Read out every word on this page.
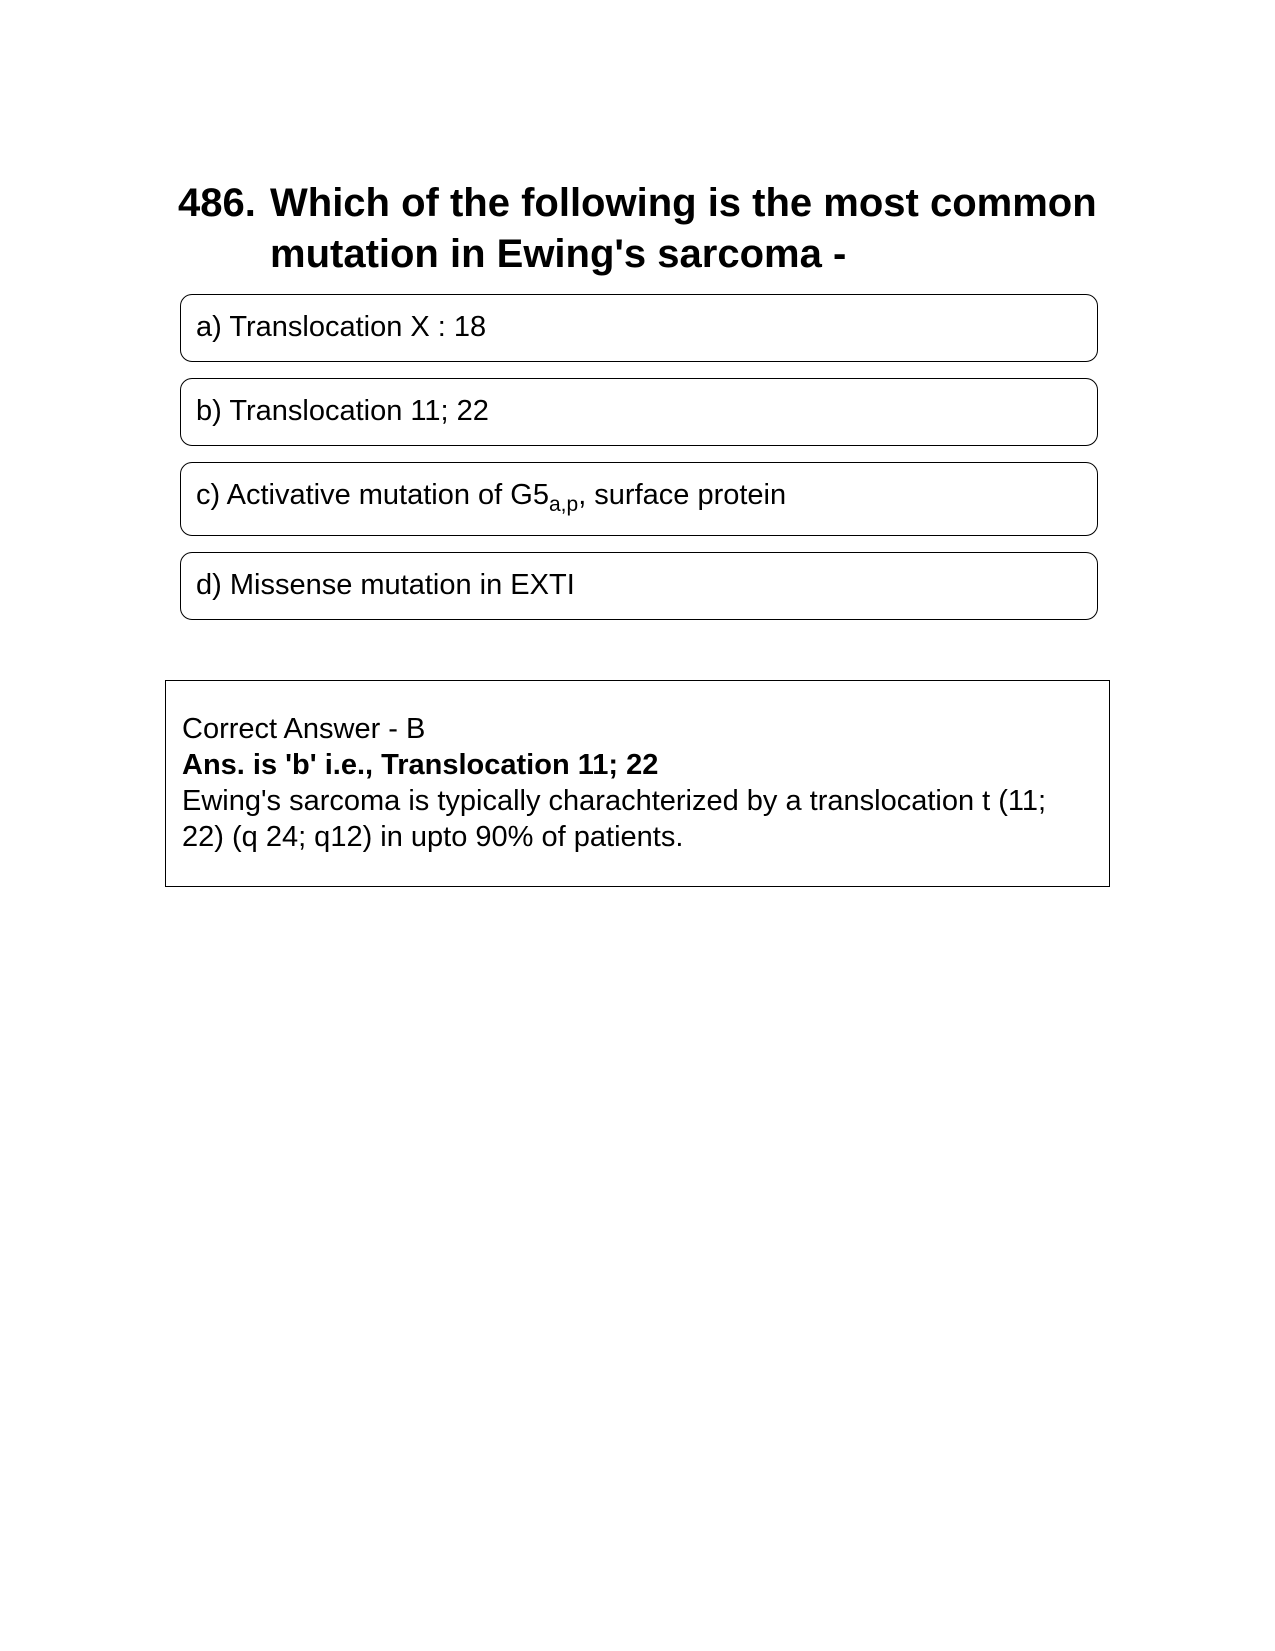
486. Which of the following is the most common mutation in Ewing's sarcoma -
a) Translocation X : 18
b) Translocation 11; 22
c) Activative mutation of $G5_{a,p}$, surface protein
d) Missense mutation in EXTI
Correct Answer - B
Ans. is 'b' i.e., Translocation 11; 22
Ewing's sarcoma is typically charachterized by a translocation t (11; 22) (q 24; q12) in upto 90% of patients.
